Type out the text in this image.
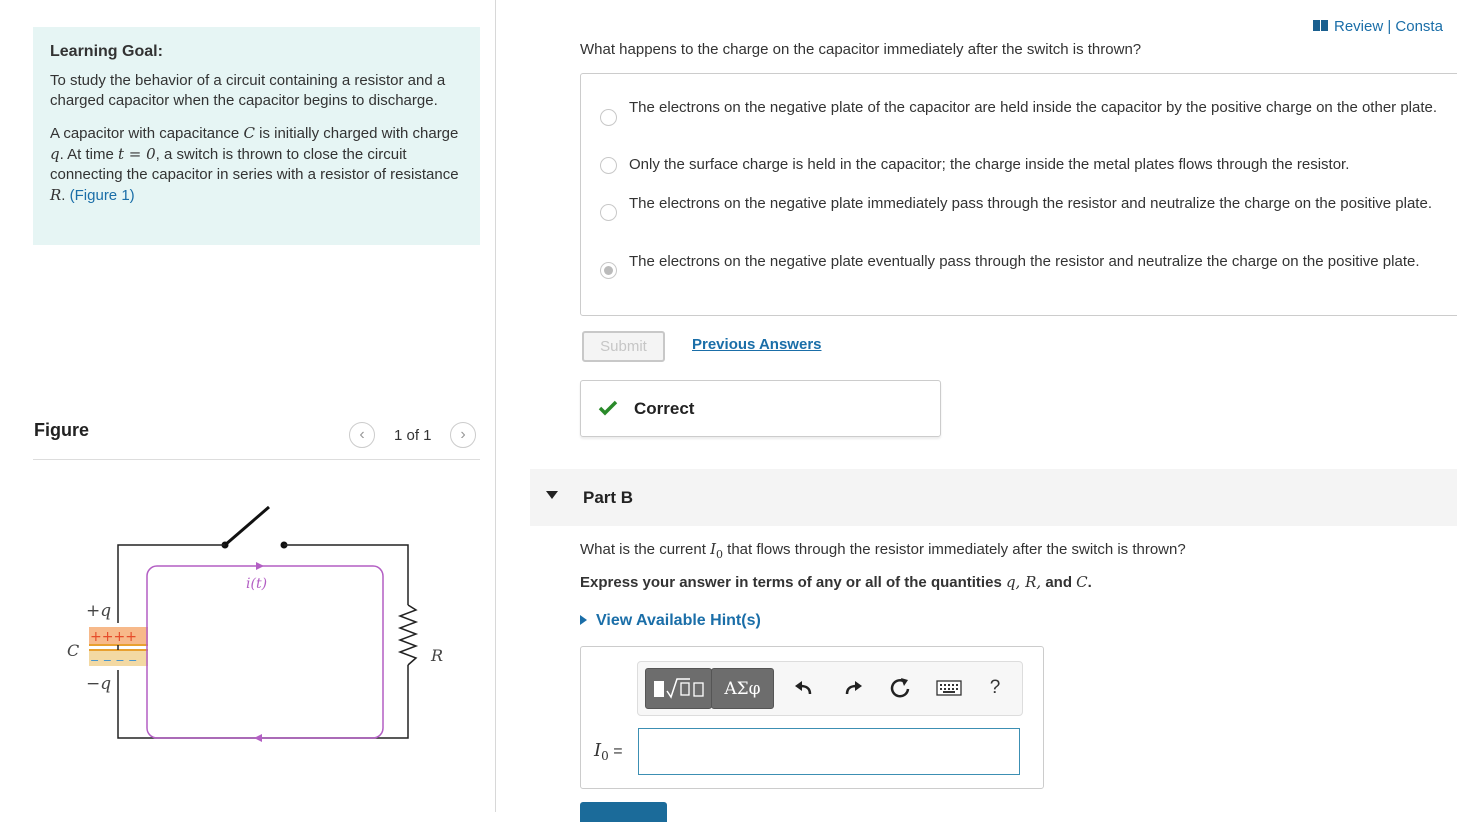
Learning Goal:

To study the behavior of a circuit containing a resistor and a charged capacitor when the capacitor begins to discharge.

A capacitor with capacitance C is initially charged with charge q. At time t = 0, a switch is thrown to close the circuit connecting the capacitor in series with a resistor of resistance R. (Figure 1)

Figure	‹ 1 of 1 ›
++++
− − − −
i(t)
+q
−q
C	R
Review | Consta
What happens to the charge on the capacitor immediately after the switch is thrown?
The electrons on the negative plate of the capacitor are held inside the capacitor by the positive charge on the other plate.
Only the surface charge is held in the capacitor; the charge inside the metal plates flows through the resistor.
The electrons on the negative plate immediately pass through the resistor and neutralize the charge on the positive plate.
The electrons on the negative plate eventually pass through the resistor and neutralize the charge on the positive plate.
Submit	Previous Answers
Correct
Part B
What is the current $I_0$ that flows through the resistor immediately after the switch is thrown?
Express your answer in terms of any or all of the quantities q, R, and C.
View Available Hint(s)
ΑΣφ	?
$I_0$ =
